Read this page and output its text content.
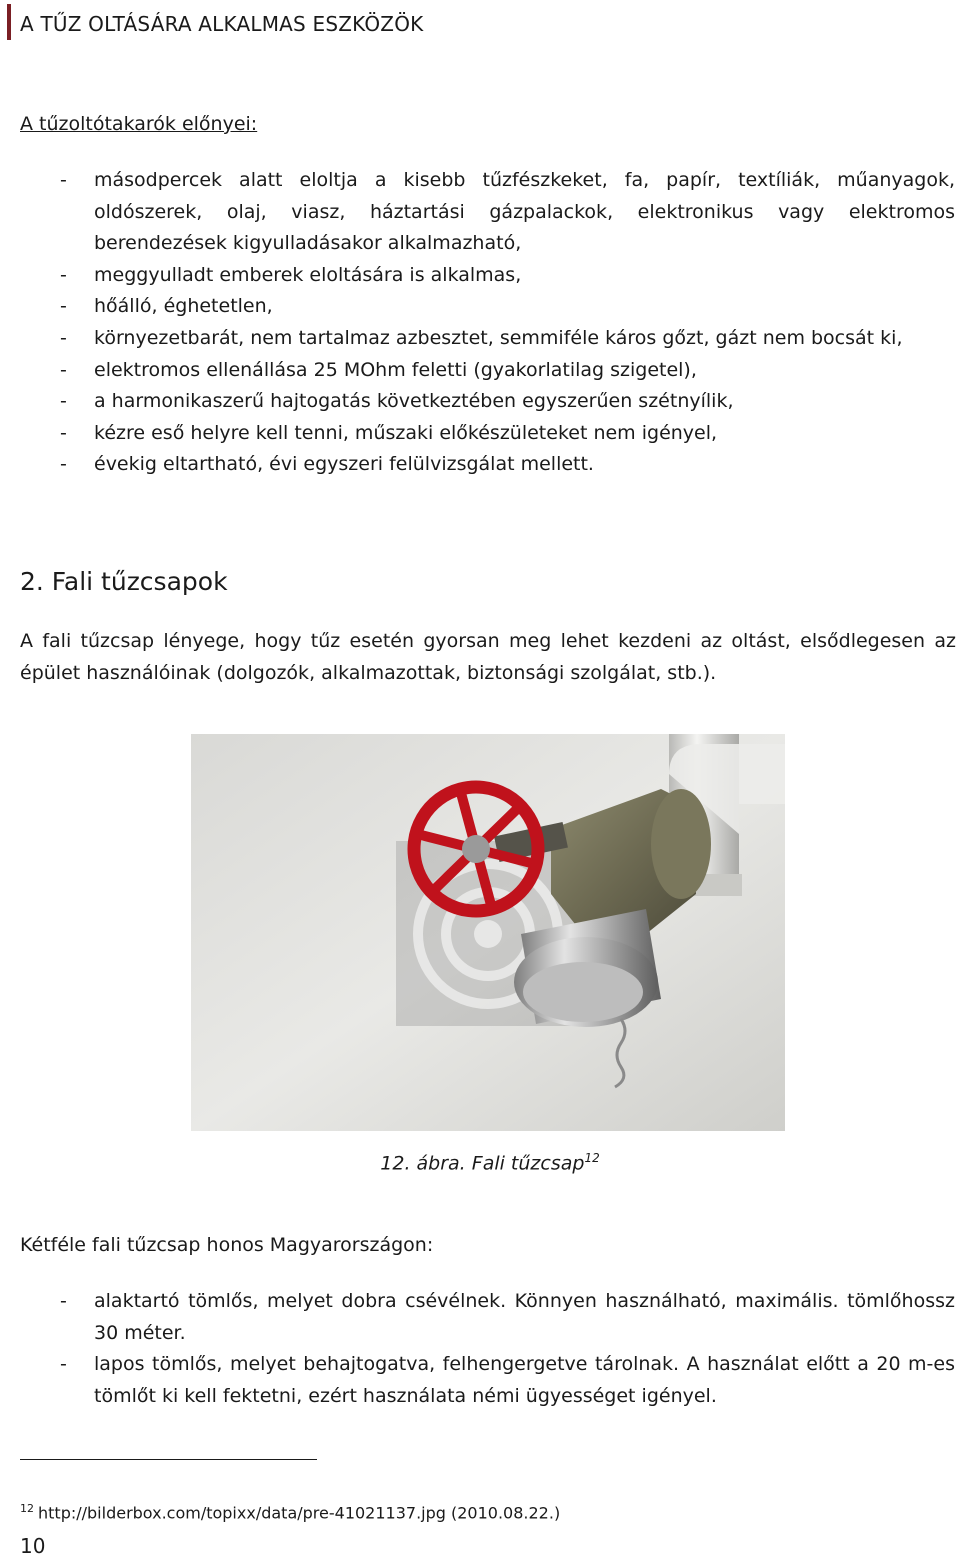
A TŰZ OLTÁSÁRA ALKALMAS ESZKÖZÖK
A tűzoltótakarók előnyei:
- másodpercek alatt eloltja a kisebb tűzfészkeket, fa, papír, textíliák, műanyagok, oldószerek, olaj, viasz, háztartási gázpalackok, elektronikus vagy elektromos berendezések kigyulladásakor alkalmazható,
- meggyulladt emberek eloltására is alkalmas,
- hőálló, éghetetlen,
- környezetbarát, nem tartalmaz azbesztet, semmiféle káros gőzt, gázt nem bocsát ki,
- elektromos ellenállása 25 MOhm feletti (gyakorlatilag szigetel),
- a harmonikaszerű hajtogatás következtében egyszerűen szétnyílik,
- kézre eső helyre kell tenni, műszaki előkészületeket nem igényel,
- évekig eltartható, évi egyszeri felülvizsgálat mellett.
2. Fali tűzcsapok
A fali tűzcsap lényege, hogy tűz esetén gyorsan meg lehet kezdeni az oltást, elsődlegesen az épület használóinak (dolgozók, alkalmazottak, biztonsági szolgálat, stb.).
12. ábra. Fali tűzcsap$^{12}$
Kétféle fali tűzcsap honos Magyarországon:
- alaktartó tömlős, melyet dobra csévélnek. Könnyen használható, maximális. tömlőhossz 30 méter.
- lapos tömlős, melyet behajtogatva, felhengergetve tárolnak. A használat előtt a 20 m-es tömlőt ki kell fektetni, ezért használata némi ügyességet igényel.
$^{12}$ http://bilderbox.com/topixx/data/pre-41021137.jpg (2010.08.22.)
10
